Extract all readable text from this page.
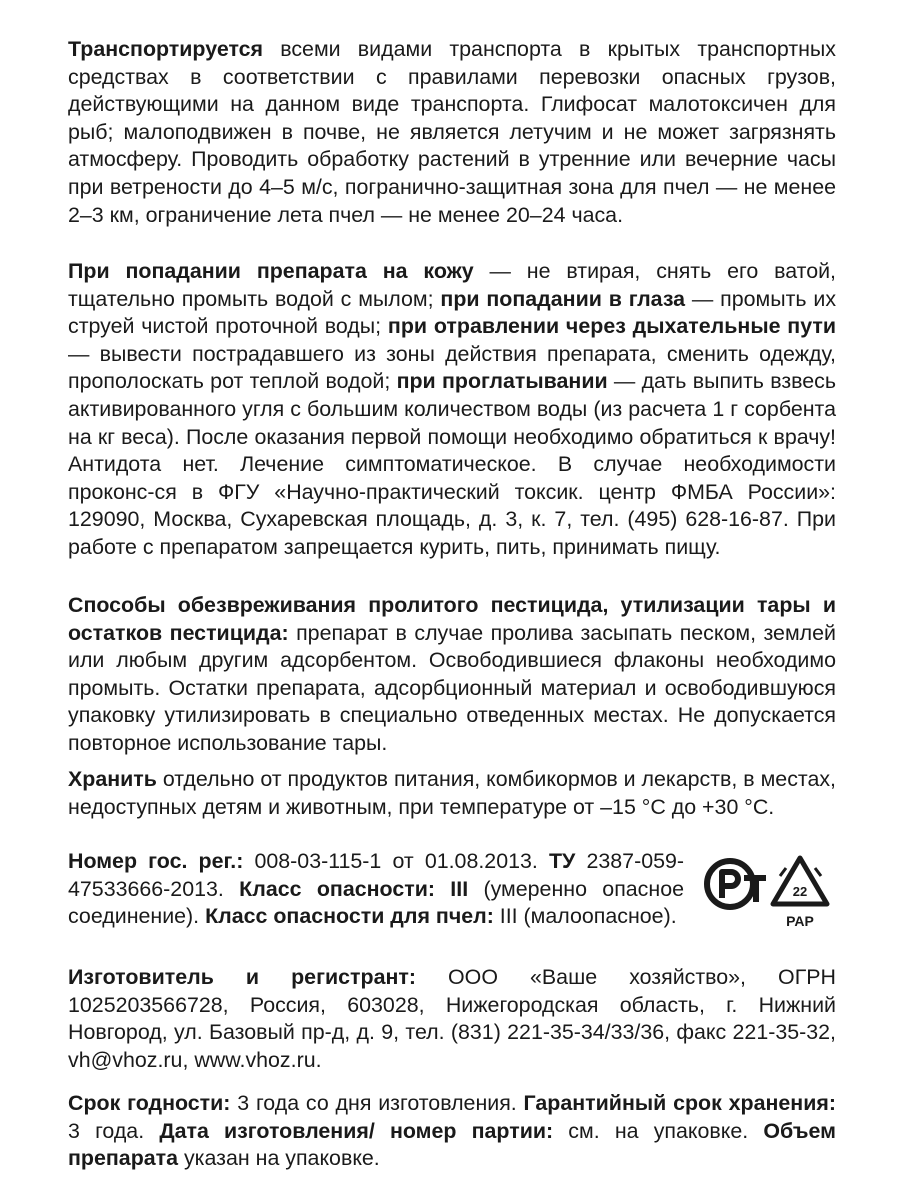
Транспортируется всеми видами транспорта в крытых транспортных средствах в соответствии с правилами перевозки опасных грузов, действующими на данном виде транспорта. Глифосат малотоксичен для рыб; малоподвижен в почве, не является летучим и не может загрязнять атмосферу. Проводить обработку растений в утренние или вечерние часы при ветрености до 4–5 м/с, погранично-защитная зона для пчел — не менее 2–3 км, ограничение лета пчел — не менее 20–24 часа.
При попадании препарата на кожу — не втирая, снять его ватой, тщательно промыть водой с мылом; при попадании в глаза — промыть их струей чистой проточной воды; при отравлении через дыхательные пути — вывести пострадавшего из зоны действия препарата, сменить одежду, прополоскать рот теплой водой; при проглатывании — дать выпить взвесь активированного угля с большим количеством воды (из расчета 1 г сорбента на кг веса). После оказания первой помощи необходимо обратиться к врачу! Антидота нет. Лечение симптоматическое. В случае необходимости проконс-ся в ФГУ «Научно-практический токсик. центр ФМБА России»: 129090, Москва, Сухаревская площадь, д. 3, к. 7, тел. (495) 628-16-87. При работе с препаратом запрещается курить, пить, принимать пищу.
Способы обезвреживания пролитого пестицида, утилизации тары и остатков пестицида: препарат в случае пролива засыпать песком, землей или любым другим адсорбентом. Освободившиеся флаконы необходимо промыть. Остатки препарата, адсорбционный материал и освободившуюся упаковку утилизировать в специально отведенных местах. Не допускается повторное использование тары.
Хранить отдельно от продуктов питания, комбикормов и лекарств, в местах, недоступных детям и животным, при температуре от –15 °C до +30 °C.
Номер гос. рег.: 008-03-115-1 от 01.08.2013. ТУ 2387-059-47533666-2013. Класс опасности: III (умеренно опасное соединение). Класс опасности для пчел: III (малоопасное).
Изготовитель и регистрант: ООО «Ваше хозяйство», ОГРН 1025203566728, Россия, 603028, Нижегородская область, г. Нижний Новгород, ул. Базовый пр-д, д. 9, тел. (831) 221-35-34/33/36, факс 221-35-32, vh@vhoz.ru, www.vhoz.ru.
Срок годности: 3 года со дня изготовления. Гарантийный срок хранения: 3 года. Дата изготовления/ номер партии: см. на упаковке. Объем препарата указан на упаковке.
22
PAP
